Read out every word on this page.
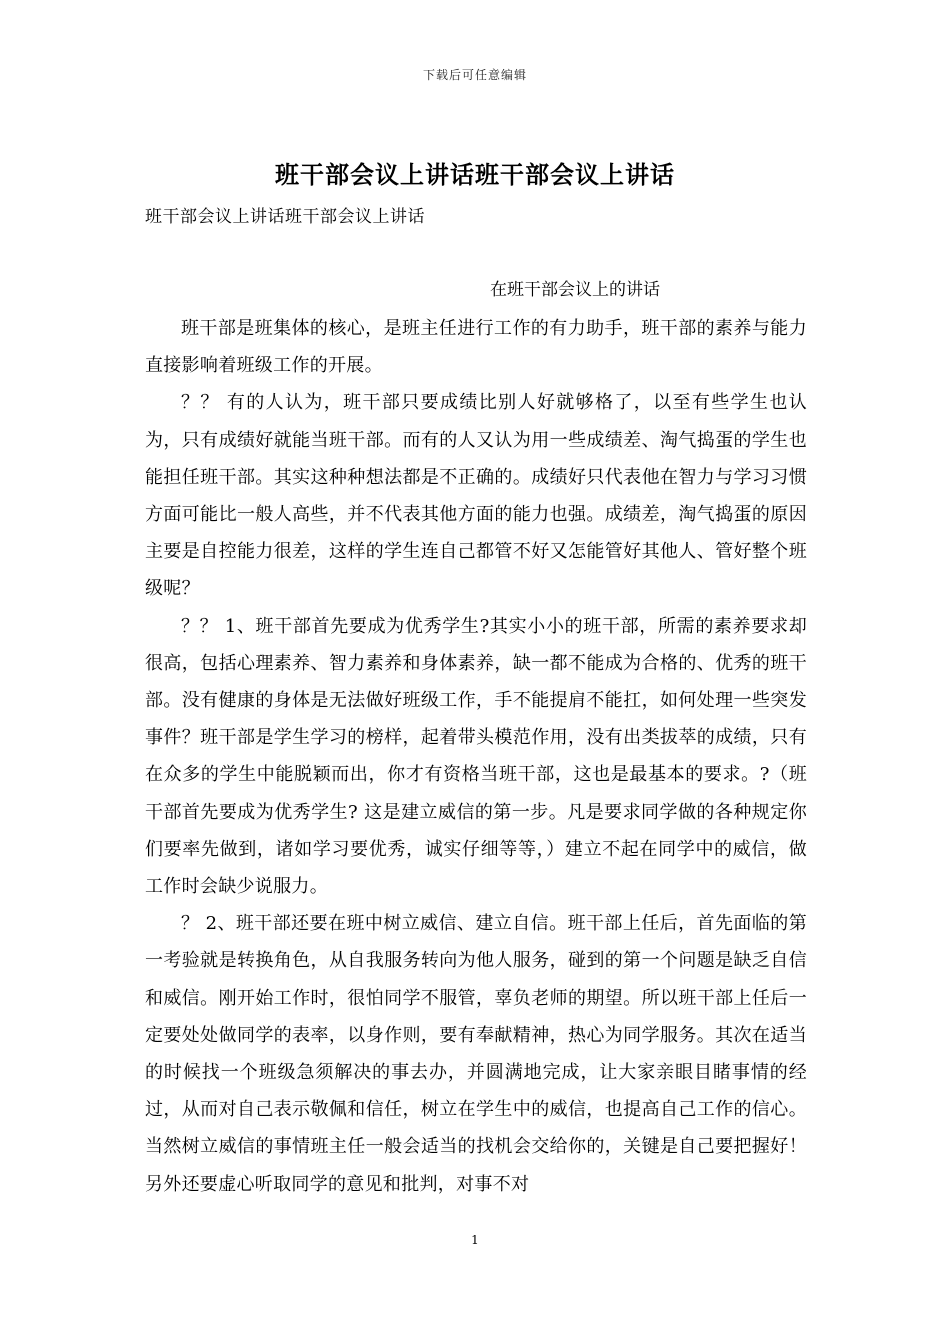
下载后可任意编辑
班干部会议上讲话班干部会议上讲话
班干部会议上讲话班干部会议上讲话
在班干部会议上的讲话

班干部是班集体的核心，是班主任进行工作的有力助手，班干部的素养与能力直接影响着班级工作的开展。

？？ 有的人认为，班干部只要成绩比别人好就够格了，以至有些学生也认为，只有成绩好就能当班干部。而有的人又认为用一些成绩差、淘气捣蛋的学生也能担任班干部。其实这种种想法都是不正确的。成绩好只代表他在智力与学习习惯方面可能比一般人高些，并不代表其他方面的能力也强。成绩差，淘气捣蛋的原因主要是自控能力很差，这样的学生连自己都管不好又怎能管好其他人、管好整个班级呢？

？？ 1、班干部首先要成为优秀学生?其实小小的班干部，所需的素养要求却很高，包括心理素养、智力素养和身体素养，缺一都不能成为合格的、优秀的班干部。没有健康的身体是无法做好班级工作，手不能提肩不能扛，如何处理一些突发事件？班干部是学生学习的榜样，起着带头模范作用，没有出类拔萃的成绩，只有在众多的学生中能脱颖而出，你才有资格当班干部，这也是最基本的要求。?（班干部首先要成为优秀学生? 这是建立威信的第一步。凡是要求同学做的各种规定你们要率先做到，诸如学习要优秀，诚实仔细等等，）建立不起在同学中的威信，做工作时会缺少说服力。

？ 2、班干部还要在班中树立威信、建立自信。班干部上任后，首先面临的第一考验就是转换角色，从自我服务转向为他人服务，碰到的第一个问题是缺乏自信和威信。刚开始工作时，很怕同学不服管，辜负老师的期望。所以班干部上任后一定要处处做同学的表率，以身作则，要有奉献精神，热心为同学服务。其次在适当的时候找一个班级急须解决的事去办，并圆满地完成，让大家亲眼目睹事情的经过，从而对自己表示敬佩和信任，树立在学生中的威信，也提高自己工作的信心。当然树立威信的事情班主任一般会适当的找机会交给你的，关键是自己要把握好！另外还要虚心听取同学的意见和批判，对事不对

1
